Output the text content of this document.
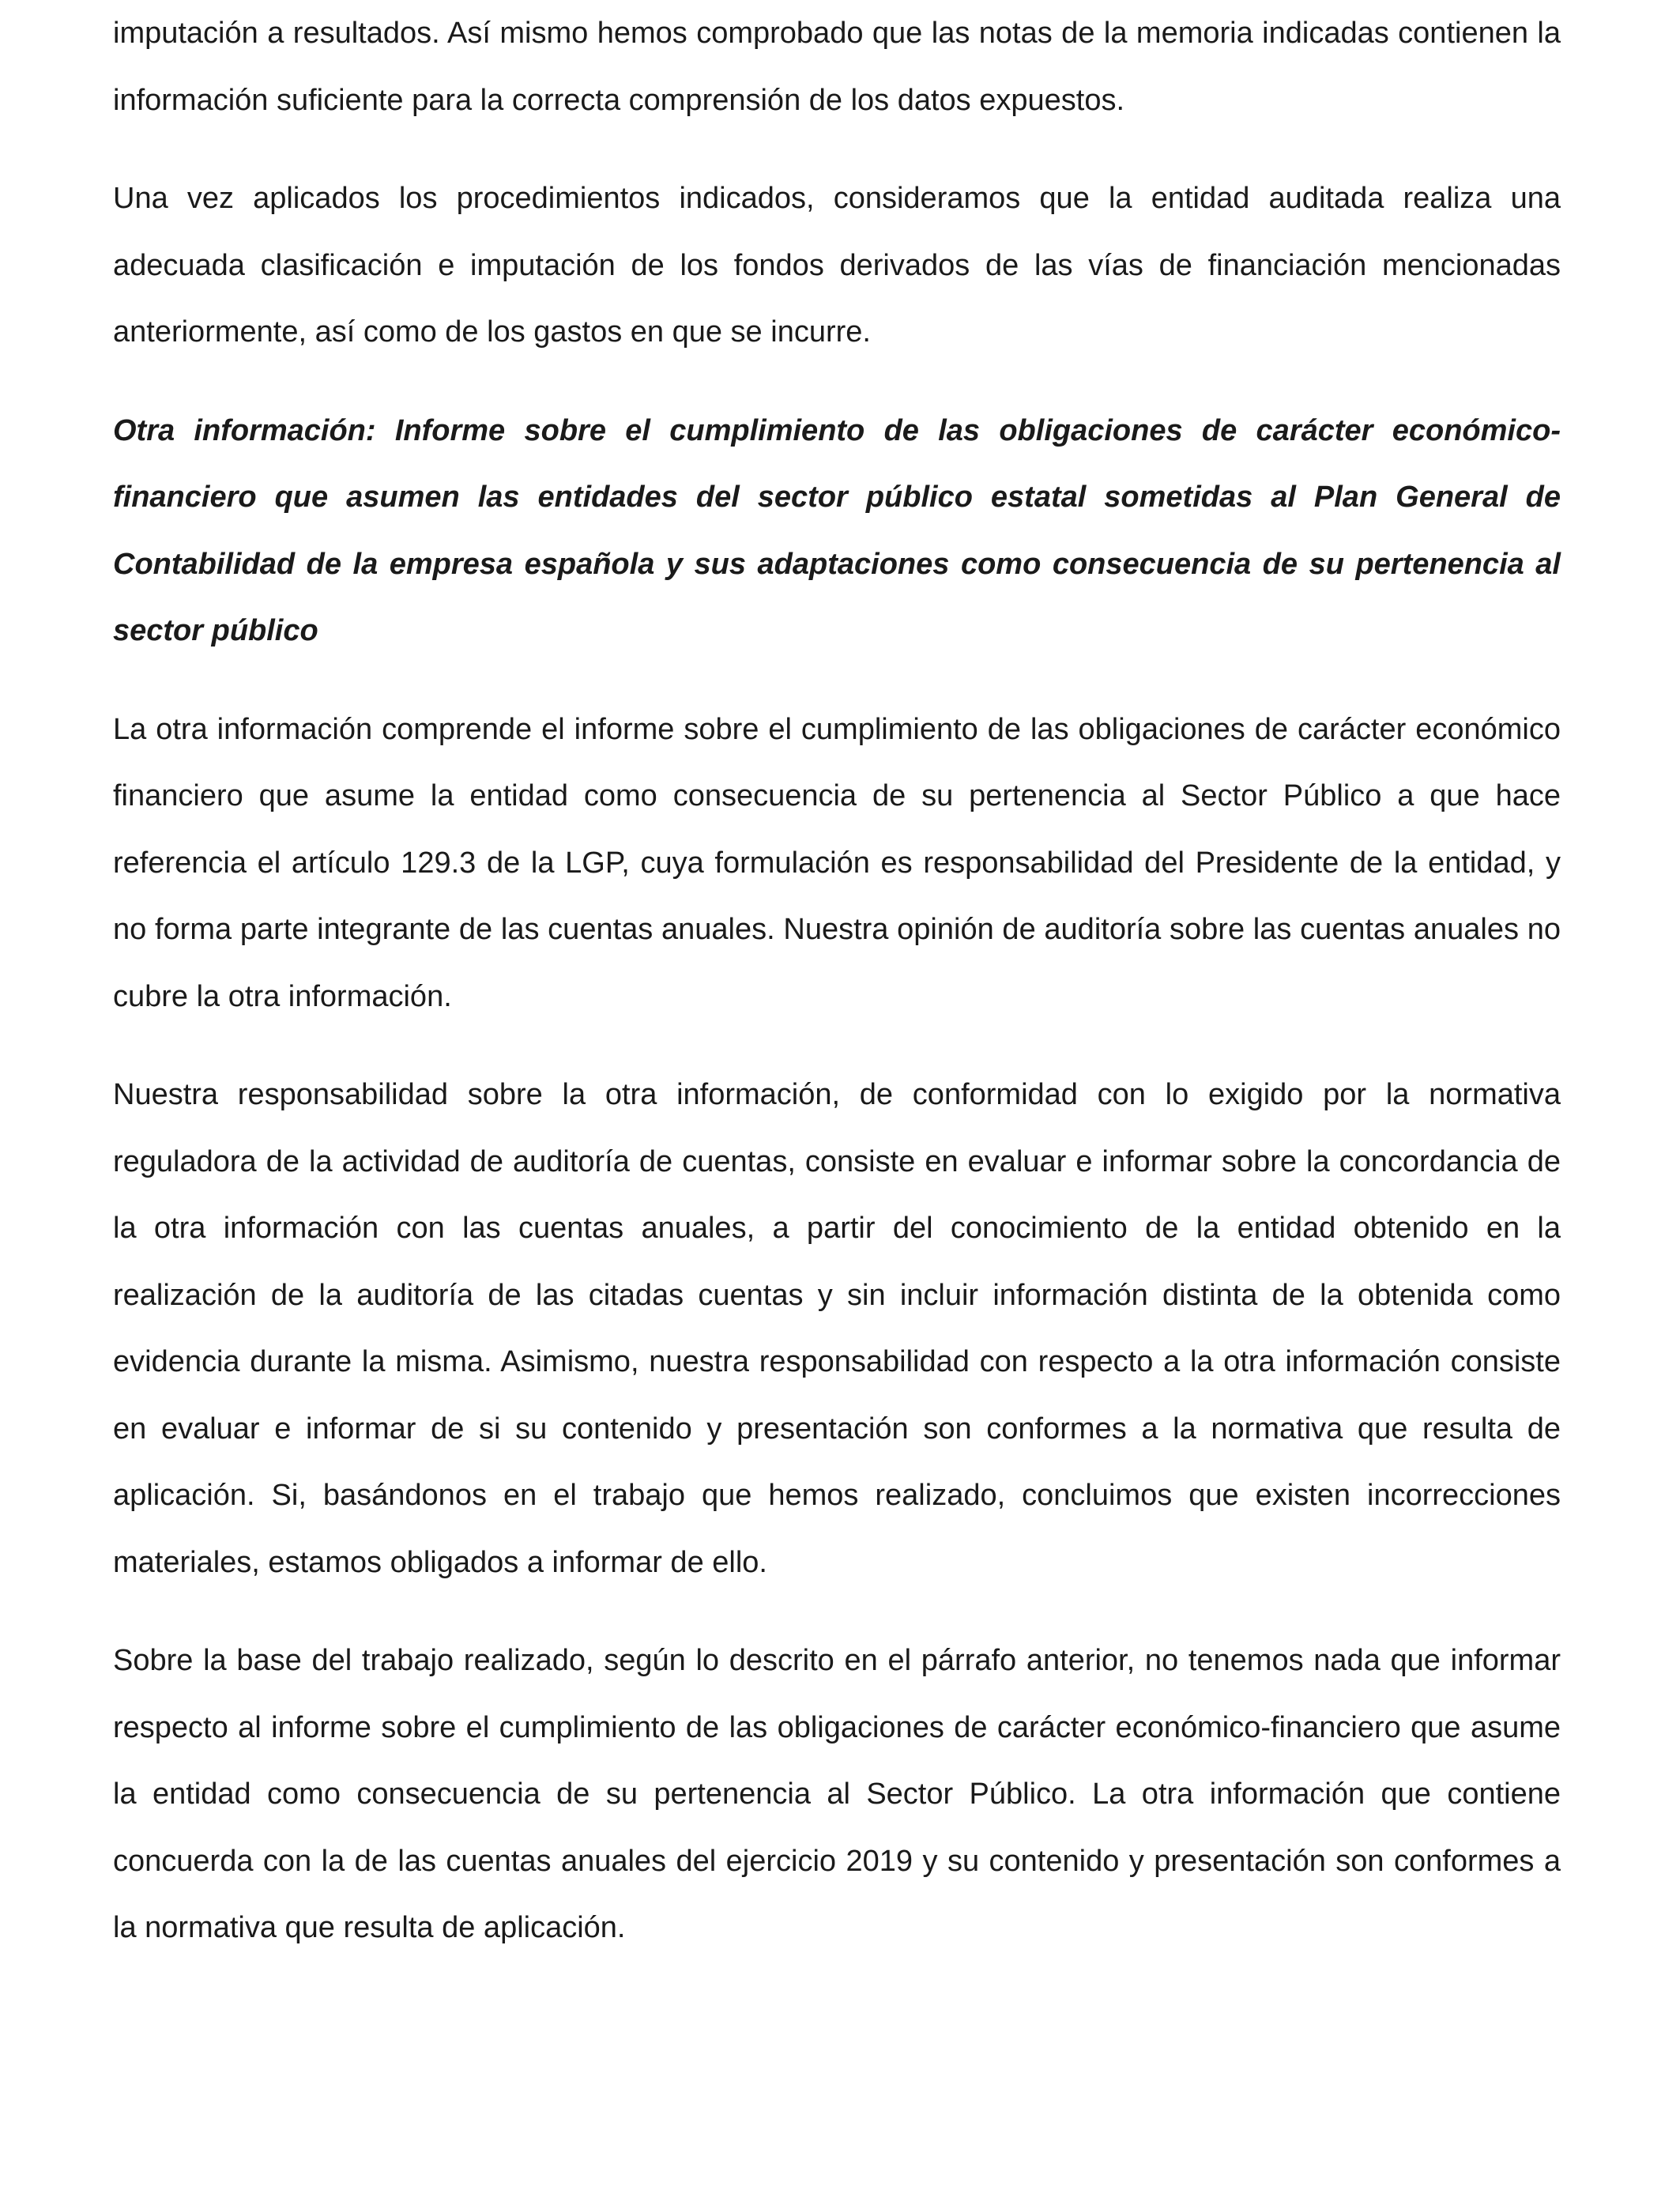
imputación a resultados. Así mismo hemos comprobado que las notas de la memoria indicadas contienen la información suficiente para la correcta comprensión de los datos expuestos.

Una vez aplicados los procedimientos indicados, consideramos que la entidad auditada realiza una adecuada clasificación e imputación de los fondos derivados de las vías de financiación mencionadas anteriormente, así como de los gastos en que se incurre.

Otra información: Informe sobre el cumplimiento de las obligaciones de carácter económico-financiero que asumen las entidades del sector público estatal sometidas al Plan General de Contabilidad de la empresa española y sus adaptaciones como consecuencia de su pertenencia al sector público

La otra información comprende el informe sobre el cumplimiento de las obligaciones de carácter económico financiero que asume la entidad como consecuencia de su pertenencia al Sector Público a que hace referencia el artículo 129.3 de la LGP, cuya formulación es responsabilidad del Presidente de la entidad, y no forma parte integrante de las cuentas anuales. Nuestra opinión de auditoría sobre las cuentas anuales no cubre la otra información.

Nuestra responsabilidad sobre la otra información, de conformidad con lo exigido por la normativa reguladora de la actividad de auditoría de cuentas, consiste en evaluar e informar sobre la concordancia de la otra información con las cuentas anuales, a partir del conocimiento de la entidad obtenido en la realización de la auditoría de las citadas cuentas y sin incluir información distinta de la obtenida como evidencia durante la misma. Asimismo, nuestra responsabilidad con respecto a la otra información consiste en evaluar e informar de si su contenido y presentación son conformes a la normativa que resulta de aplicación. Si, basándonos en el trabajo que hemos realizado, concluimos que existen incorrecciones materiales, estamos obligados a informar de ello.

Sobre la base del trabajo realizado, según lo descrito en el párrafo anterior, no tenemos nada que informar respecto al informe sobre el cumplimiento de las obligaciones de carácter económico-financiero que asume la entidad como consecuencia de su pertenencia al Sector Público. La otra información que contiene concuerda con la de las cuentas anuales del ejercicio 2019 y su contenido y presentación son conformes a la normativa que resulta de aplicación.
